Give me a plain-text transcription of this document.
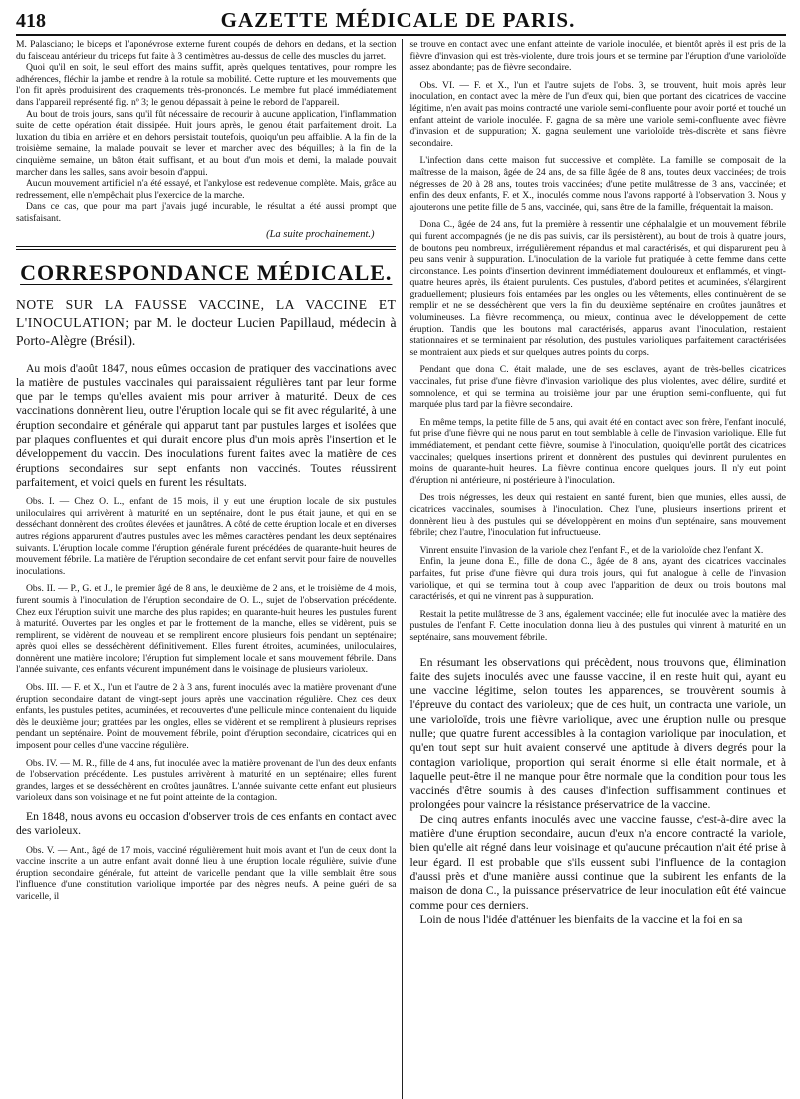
418	GAZETTE MÉDICALE DE PARIS.

M. Palasciano; le biceps et l'aponévrose externe furent coupés de dehors en dedans, et la section du faisceau antérieur du triceps fut faite à 3 centimètres au-dessus de celle des muscles du jarret.

Quoi qu'il en soit, le seul effort des mains suffit, après quelques tentatives, pour rompre les adhérences, fléchir la jambe et rendre à la rotule sa mobilité. Cette rupture et les mouvements que l'on fit après produisirent des craquements très-prononcés. Le membre fut placé immédiatement dans l'appareil représenté fig. nº 3; le genou dépassait à peine le rebord de l'appareil.

Au bout de trois jours, sans qu'il fût nécessaire de recourir à aucune application, l'inflammation suite de cette opération était dissipée. Huit jours après, le genou était parfaitement droit. La luxation du tibia en arrière et en dehors persistait toutefois, quoiqu'un peu affaiblie. A la fin de la troisième semaine, la malade pouvait se lever et marcher avec des béquilles; à la fin de la cinquième semaine, un bâton était suffisant, et au bout d'un mois et demi, la malade pouvait marcher dans les salles, sans avoir besoin d'appui.

Aucun mouvement artificiel n'a été essayé, et l'ankylose est redevenue complète. Mais, grâce au redressement, elle n'empêchait plus l'exercice de la marche.

Dans ce cas, que pour ma part j'avais jugé incurable, le résultat a été aussi prompt que satisfaisant.

(La suite prochainement.)
CORRESPONDANCE MÉDICALE.

NOTE SUR LA FAUSSE VACCINE, LA VACCINE ET L'INOCULATION; par M. le docteur Lucien Papillaud, médecin à Porto-Alègre (Brésil).

Au mois d'août 1847, nous eûmes occasion de pratiquer des vaccinations avec la matière de pustules vaccinales qui paraissaient régulières tant par leur forme que par le temps qu'elles avaient mis pour arriver à maturité. Deux de ces vaccinations donnèrent lieu, outre l'éruption locale qui se fit avec régularité, à une éruption secondaire et générale qui apparut tant par pustules larges et isolées que par plaques confluentes et qui durait encore plus d'un mois après l'insertion et le développement du vaccin. Des inoculations furent faites avec la matière de ces éruptions secondaires sur sept enfants non vaccinés. Toutes réussirent parfaitement, et voici quels en furent les résultats.

Obs. I. — Chez O. L., enfant de 15 mois, il y eut une éruption locale de six pustules uniloculaires qui arrivèrent à maturité en un septénaire, dont le pus était jaune, et qui en se desséchant donnèrent des croûtes élevées et jaunâtres. A côté de cette éruption locale et en diverses autres régions apparurent d'autres pustules avec les mêmes caractères pendant les deux septénaires suivants. L'éruption locale comme l'éruption générale furent précédées de quarante-huit heures de mouvement fébrile. La matière de l'éruption secondaire de cet enfant servit pour faire de nouvelles inoculations.

Obs. II. — P., G. et J., le premier âgé de 8 ans, le deuxième de 2 ans, et le troisième de 4 mois, furent soumis à l'inoculation de l'éruption secondaire de O. L., sujet de l'observation précédente. Chez eux l'éruption suivit une marche des plus rapides; en quarante-huit heures les pustules furent à maturité. Ouvertes par les ongles et par le frottement de la manche, elles se vidèrent, puis se remplirent, se vidèrent de nouveau et se remplirent encore plusieurs fois pendant un septénaire; après quoi elles se desséchèrent définitivement. Elles furent étroites, acuminées, uniloculaires, donnèrent une matière incolore; l'éruption fut simplement locale et sans mouvement fébrile. Dans l'année suivante, ces enfants vécurent impunément dans le voisinage de plusieurs varioleux.

Obs. III. — F. et X., l'un et l'autre de 2 à 3 ans, furent inoculés avec la matière provenant d'une éruption secondaire datant de vingt-sept jours après une vaccination régulière. Chez ces deux enfants, les pustules petites, acuminées, et recouvertes d'une pellicule mince contenaient du liquide dès le deuxième jour; grattées par les ongles, elles se vidèrent et se remplirent à plusieurs reprises pendant un septénaire. Point de mouvement fébrile, point d'éruption secondaire, cicatrices qui en imposent pour celles d'une vaccine régulière.

Obs. IV. — M. R., fille de 4 ans, fut inoculée avec la matière provenant de l'un des deux enfants de l'observation précédente. Les pustules arrivèrent à maturité en un septénaire; elles furent grandes, larges et se desséchèrent en croûtes jaunâtres. L'année suivante cette enfant eut plusieurs varioleux dans son voisinage et ne fut point atteinte de la contagion.

En 1848, nous avons eu occasion d'observer trois de ces enfants en contact avec des varioleux.

Obs. V. — Ant., âgé de 17 mois, vacciné régulièrement huit mois avant et l'un de ceux dont la vaccine inscrite a un autre enfant avait donné lieu à une éruption locale régulière, suivie d'une éruption secondaire générale, fut atteint de varicelle pendant que la ville semblait être sous l'influence d'une constitution variolique importée par des nègres neufs. A peine guéri de sa varicelle, il

se trouve en contact avec une enfant atteinte de variole inoculée, et bientôt après il est pris de la fièvre d'invasion qui est très-violente, dure trois jours et se termine par l'éruption d'une varioloïde assez abondante; pas de fièvre secondaire.

Obs. VI. — F. et X., l'un et l'autre sujets de l'obs. 3, se trouvent, huit mois après leur inoculation, en contact avec la mère de l'un d'eux qui, bien que portant des cicatrices de vaccine légitime, n'en avait pas moins contracté une variole semi-confluente pour avoir porté et touché un enfant atteint de variole inoculée. F. gagna de sa mère une variole semi-confluente avec fièvre d'invasion et de suppuration; X. gagna seulement une varioloïde très-discrète et sans fièvre secondaire.

L'infection dans cette maison fut successive et complète. La famille se composait de la maîtresse de la maison, âgée de 24 ans, de sa fille âgée de 8 ans, toutes deux vaccinées; de trois négresses de 20 à 28 ans, toutes trois vaccinées; d'une petite mulâtresse de 3 ans, vaccinée; et enfin des deux enfants, F. et X., inoculés comme nous l'avons rapporté à l'observation 3. Nous y ajouterons une petite fille de 5 ans, vaccinée, qui, sans être de la famille, fréquentait la maison.

Dona C., âgée de 24 ans, fut la première à ressentir une céphalalgie et un mouvement fébrile qui furent accompagnés (je ne dis pas suivis, car ils persistèrent), au bout de trois à quatre jours, de boutons peu nombreux, irrégulièrement répandus et mal caractérisés, et qui disparurent peu à peu sans venir à suppuration. L'inoculation de la variole fut pratiquée à cette femme dans cette circonstance. Les points d'insertion devinrent immédiatement douloureux et enflammés, et vingt-quatre heures après, ils étaient purulents. Ces pustules, d'abord petites et acuminées, s'élargirent graduellement; plusieurs fois entamées par les ongles ou les vêtements, elles continuèrent de se remplir et ne se desséchèrent que vers la fin du deuxième septénaire en croûtes jaunâtres et volumineuses. La fièvre recommença, ou mieux, continua avec le développement de cette éruption. Tandis que les boutons mal caractérisés, apparus avant l'inoculation, restaient stationnaires et se terminaient par résolution, des pustules varioliques parfaitement caractérisées se montraient aux pieds et sur quelques autres points du corps.

Pendant que dona C. était malade, une de ses esclaves, ayant de très-belles cicatrices vaccinales, fut prise d'une fièvre d'invasion variolique des plus violentes, avec délire, surdité et somnolence, et qui se termina au troisième jour par une éruption semi-confluente, qui fut marquée plus tard par la fièvre secondaire.

En même temps, la petite fille de 5 ans, qui avait été en contact avec son frère, l'enfant inoculé, fut prise d'une fièvre qui ne nous parut en tout semblable à celle de l'invasion variolique. Elle fut immédiatement, et pendant cette fièvre, soumise à l'inoculation, quoiqu'elle portât des cicatrices vaccinales; quelques insertions prirent et donnèrent des pustules qui devinrent purulentes en moins de quarante-huit heures. La fièvre continua encore quelques jours. Il n'y eut point d'éruption ni antérieure, ni postérieure à l'inoculation.

Des trois négresses, les deux qui restaient en santé furent, bien que munies, elles aussi, de cicatrices vaccinales, soumises à l'inoculation. Chez l'une, plusieurs insertions prirent et donnèrent lieu à des pustules qui se développèrent en moins d'un septénaire, sans mouvement fébrile; chez l'autre, l'inoculation fut infructueuse.

Vinrent ensuite l'invasion de la variole chez l'enfant F., et de la varioloïde chez l'enfant X.

Enfin, la jeune dona E., fille de dona C., âgée de 8 ans, ayant des cicatrices vaccinales parfaites, fut prise d'une fièvre qui dura trois jours, qui fut analogue à celle de l'invasion variolique, et qui se termina tout à coup avec l'apparition de deux ou trois boutons mal caractérisés, et qui ne vinrent pas à suppuration.

Restait la petite mulâtresse de 3 ans, également vaccinée; elle fut inoculée avec la matière des pustules de l'enfant F. Cette inoculation donna lieu à des pustules qui vinrent à maturité en un septénaire, sans mouvement fébrile.

En résumant les observations qui précèdent, nous trouvons que, élimination faite des sujets inoculés avec une fausse vaccine, il en reste huit qui, ayant eu une vaccine légitime, selon toutes les apparences, se trouvèrent soumis à l'épreuve du contact des varioleux; que de ces huit, un contracta une variole, un une varioloïde, trois une fièvre variolique, avec une éruption nulle ou presque nulle; que quatre furent accessibles à la contagion variolique par inoculation, et qu'en tout sept sur huit avaient conservé une aptitude à divers degrés pour la contagion variolique, proportion qui serait énorme si elle était normale, et à laquelle peut-être il ne manque pour être normale que la condition pour tous les vaccinés d'être soumis à des causes d'infection suffisamment continues et prolongées pour vaincre la résistance préservatrice de la vaccine.

De cinq autres enfants inoculés avec une vaccine fausse, c'est-à-dire avec la matière d'une éruption secondaire, aucun d'eux n'a encore contracté la variole, bien qu'elle ait régné dans leur voisinage et qu'aucune précaution n'ait été prise à leur égard. Il est probable que s'ils eussent subi l'influence de la contagion d'aussi près et d'une manière aussi continue que la subirent les enfants de la maison de dona C., la puissance préservatrice de leur inoculation eût été vaincue comme pour ces derniers.

Loin de nous l'idée d'atténuer les bienfaits de la vaccine et la foi en sa
